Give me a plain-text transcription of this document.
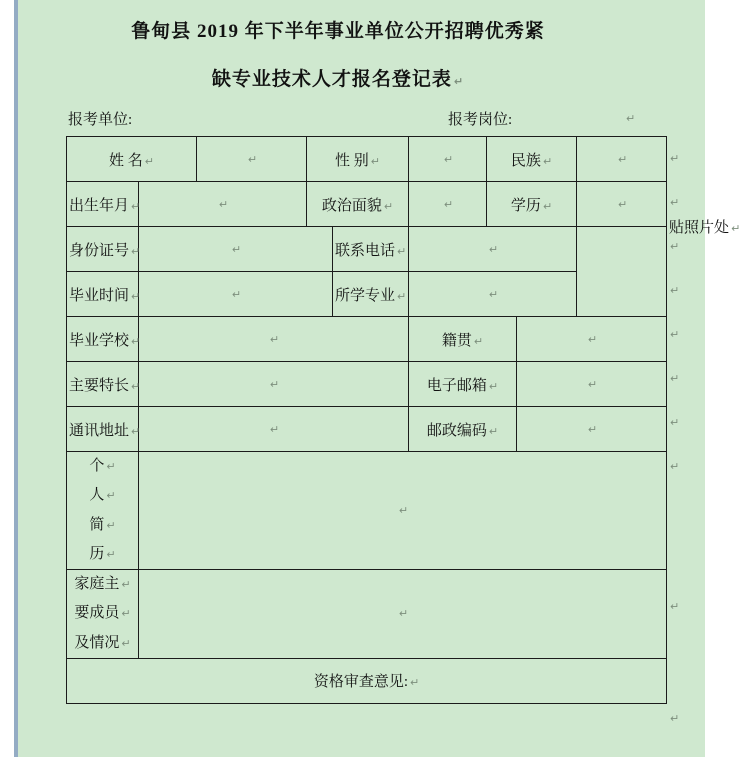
鲁甸县 2019 年下半年事业单位公开招聘优秀紧
缺专业技术人才报名登记表 ↵
报考单位:	报考岗位:	↵
姓 名 ↵		↵	性 别 ↵		↵	民族 ↵		↵	贴照片处 ↵
出生年月 ↵	↵		政治面貌 ↵		↵	学历 ↵		↵	
身份证号 ↵	↵			联系电话 ↵	↵				
毕业时间 ↵	↵			所学专业 ↵	↵				
毕业学校 ↵	↵				籍贯 ↵		↵		
主要特长 ↵	↵				电子邮箱 ↵		↵		
通讯地址 ↵	↵				邮政编码 ↵		↵		

个 ↵
人 ↵
简 ↵
历 ↵	↵								

家庭主 ↵
要成员 ↵
及情况 ↵	↵								
资格审查意见: ↵									
↵
↵
↵
↵
↵
↵
↵
↵
↵
↵
